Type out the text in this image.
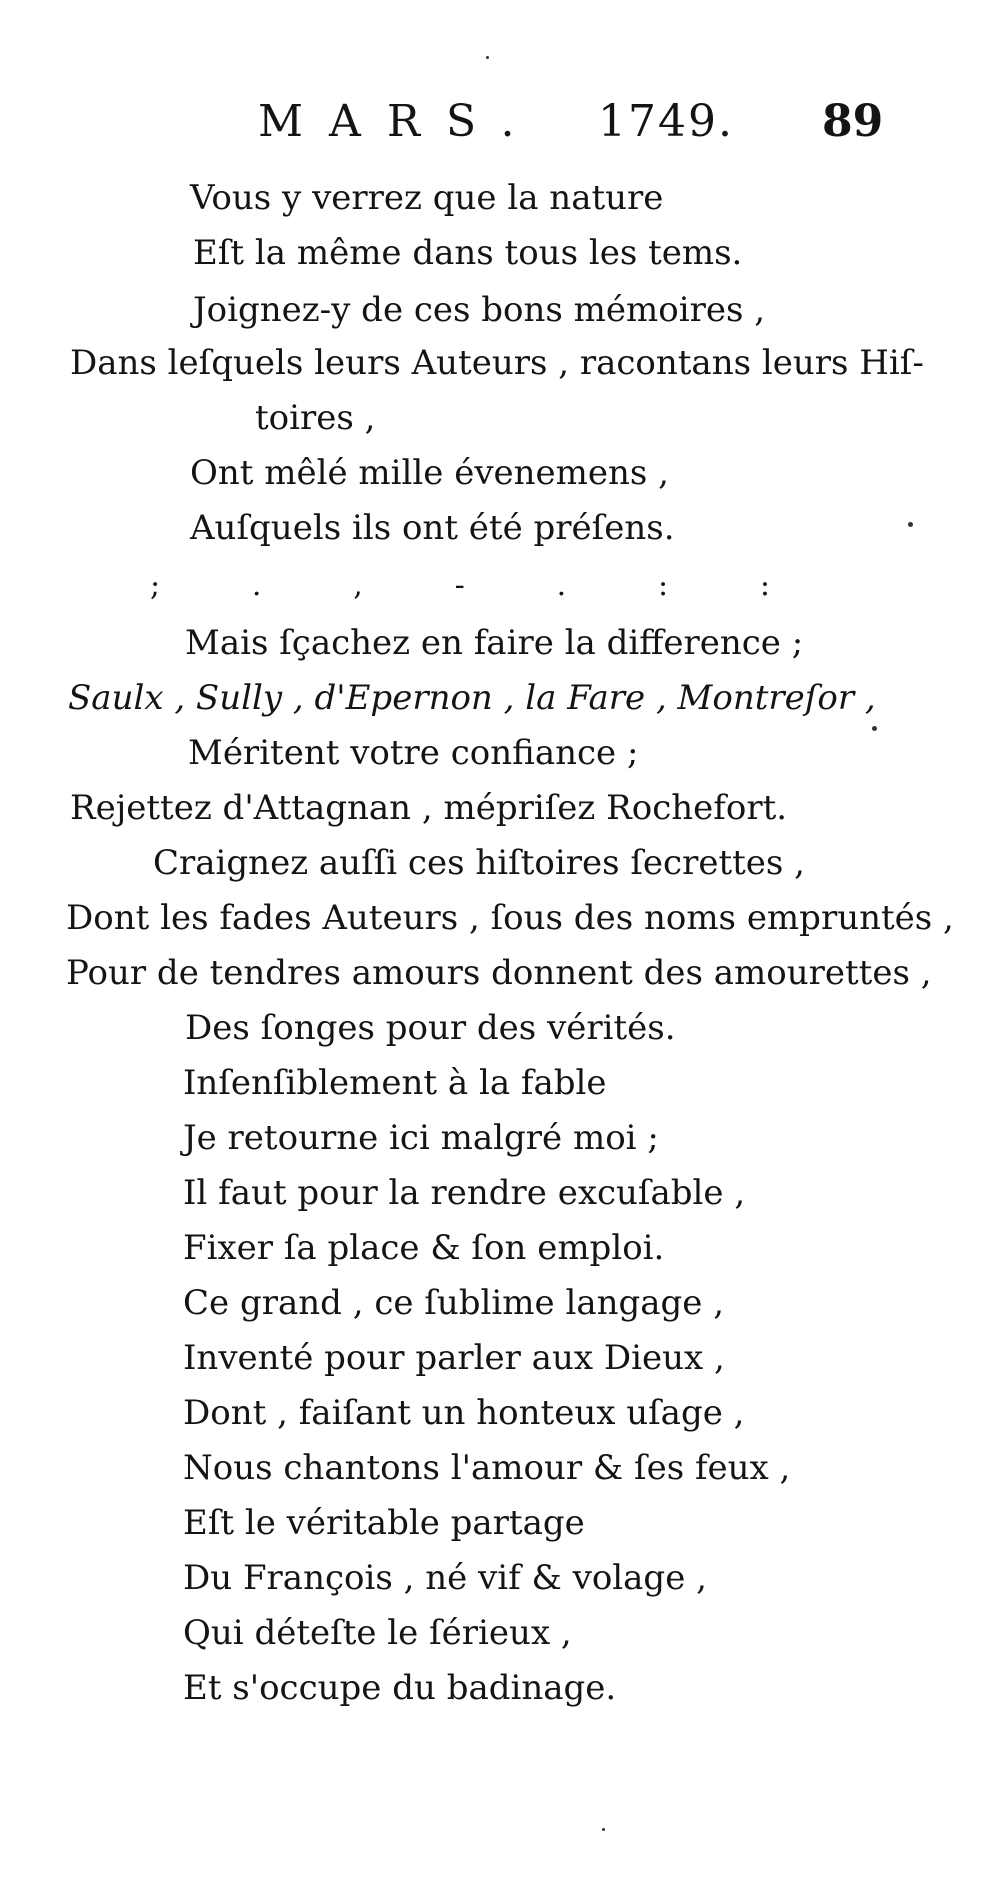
MARS. 1749. 89
Vous y verrez que la nature
Eſt la même dans tous les tems.
Joignez-y de ces bons mémoires ,
Dans leſquels leurs Auteurs , racontans leurs Hiſ-
toires ,
Ont mêlé mille évenemens ,
Auſquels ils ont été préſens.
;	.	,	-	.	:	:
Mais ſçachez en faire la difference ;
Saulx , Sully , d'Epernon , la Fare , Montreſor ,
Méritent votre confiance ;
Rejettez d'Attagnan , mépriſez Rochefort.
Craignez auſſi ces hiſtoires ſecrettes ,
Dont les fades Auteurs , ſous des noms empruntés ,
Pour de tendres amours donnent des amourettes ,
Des ſonges pour des vérités.
Inſenſiblement à la fable
Je retourne ici malgré moi ;
Il faut pour la rendre excuſable ,
Fixer ſa place & ſon emploi.
Ce grand , ce ſublime langage ,
Inventé pour parler aux Dieux ,
Dont , faiſant un honteux uſage ,
Nous chantons l'amour & ſes feux ,
Eſt le véritable partage
Du François , né vif & volage ,
Qui déteſte le ſérieux ,
Et s'occupe du badinage.
